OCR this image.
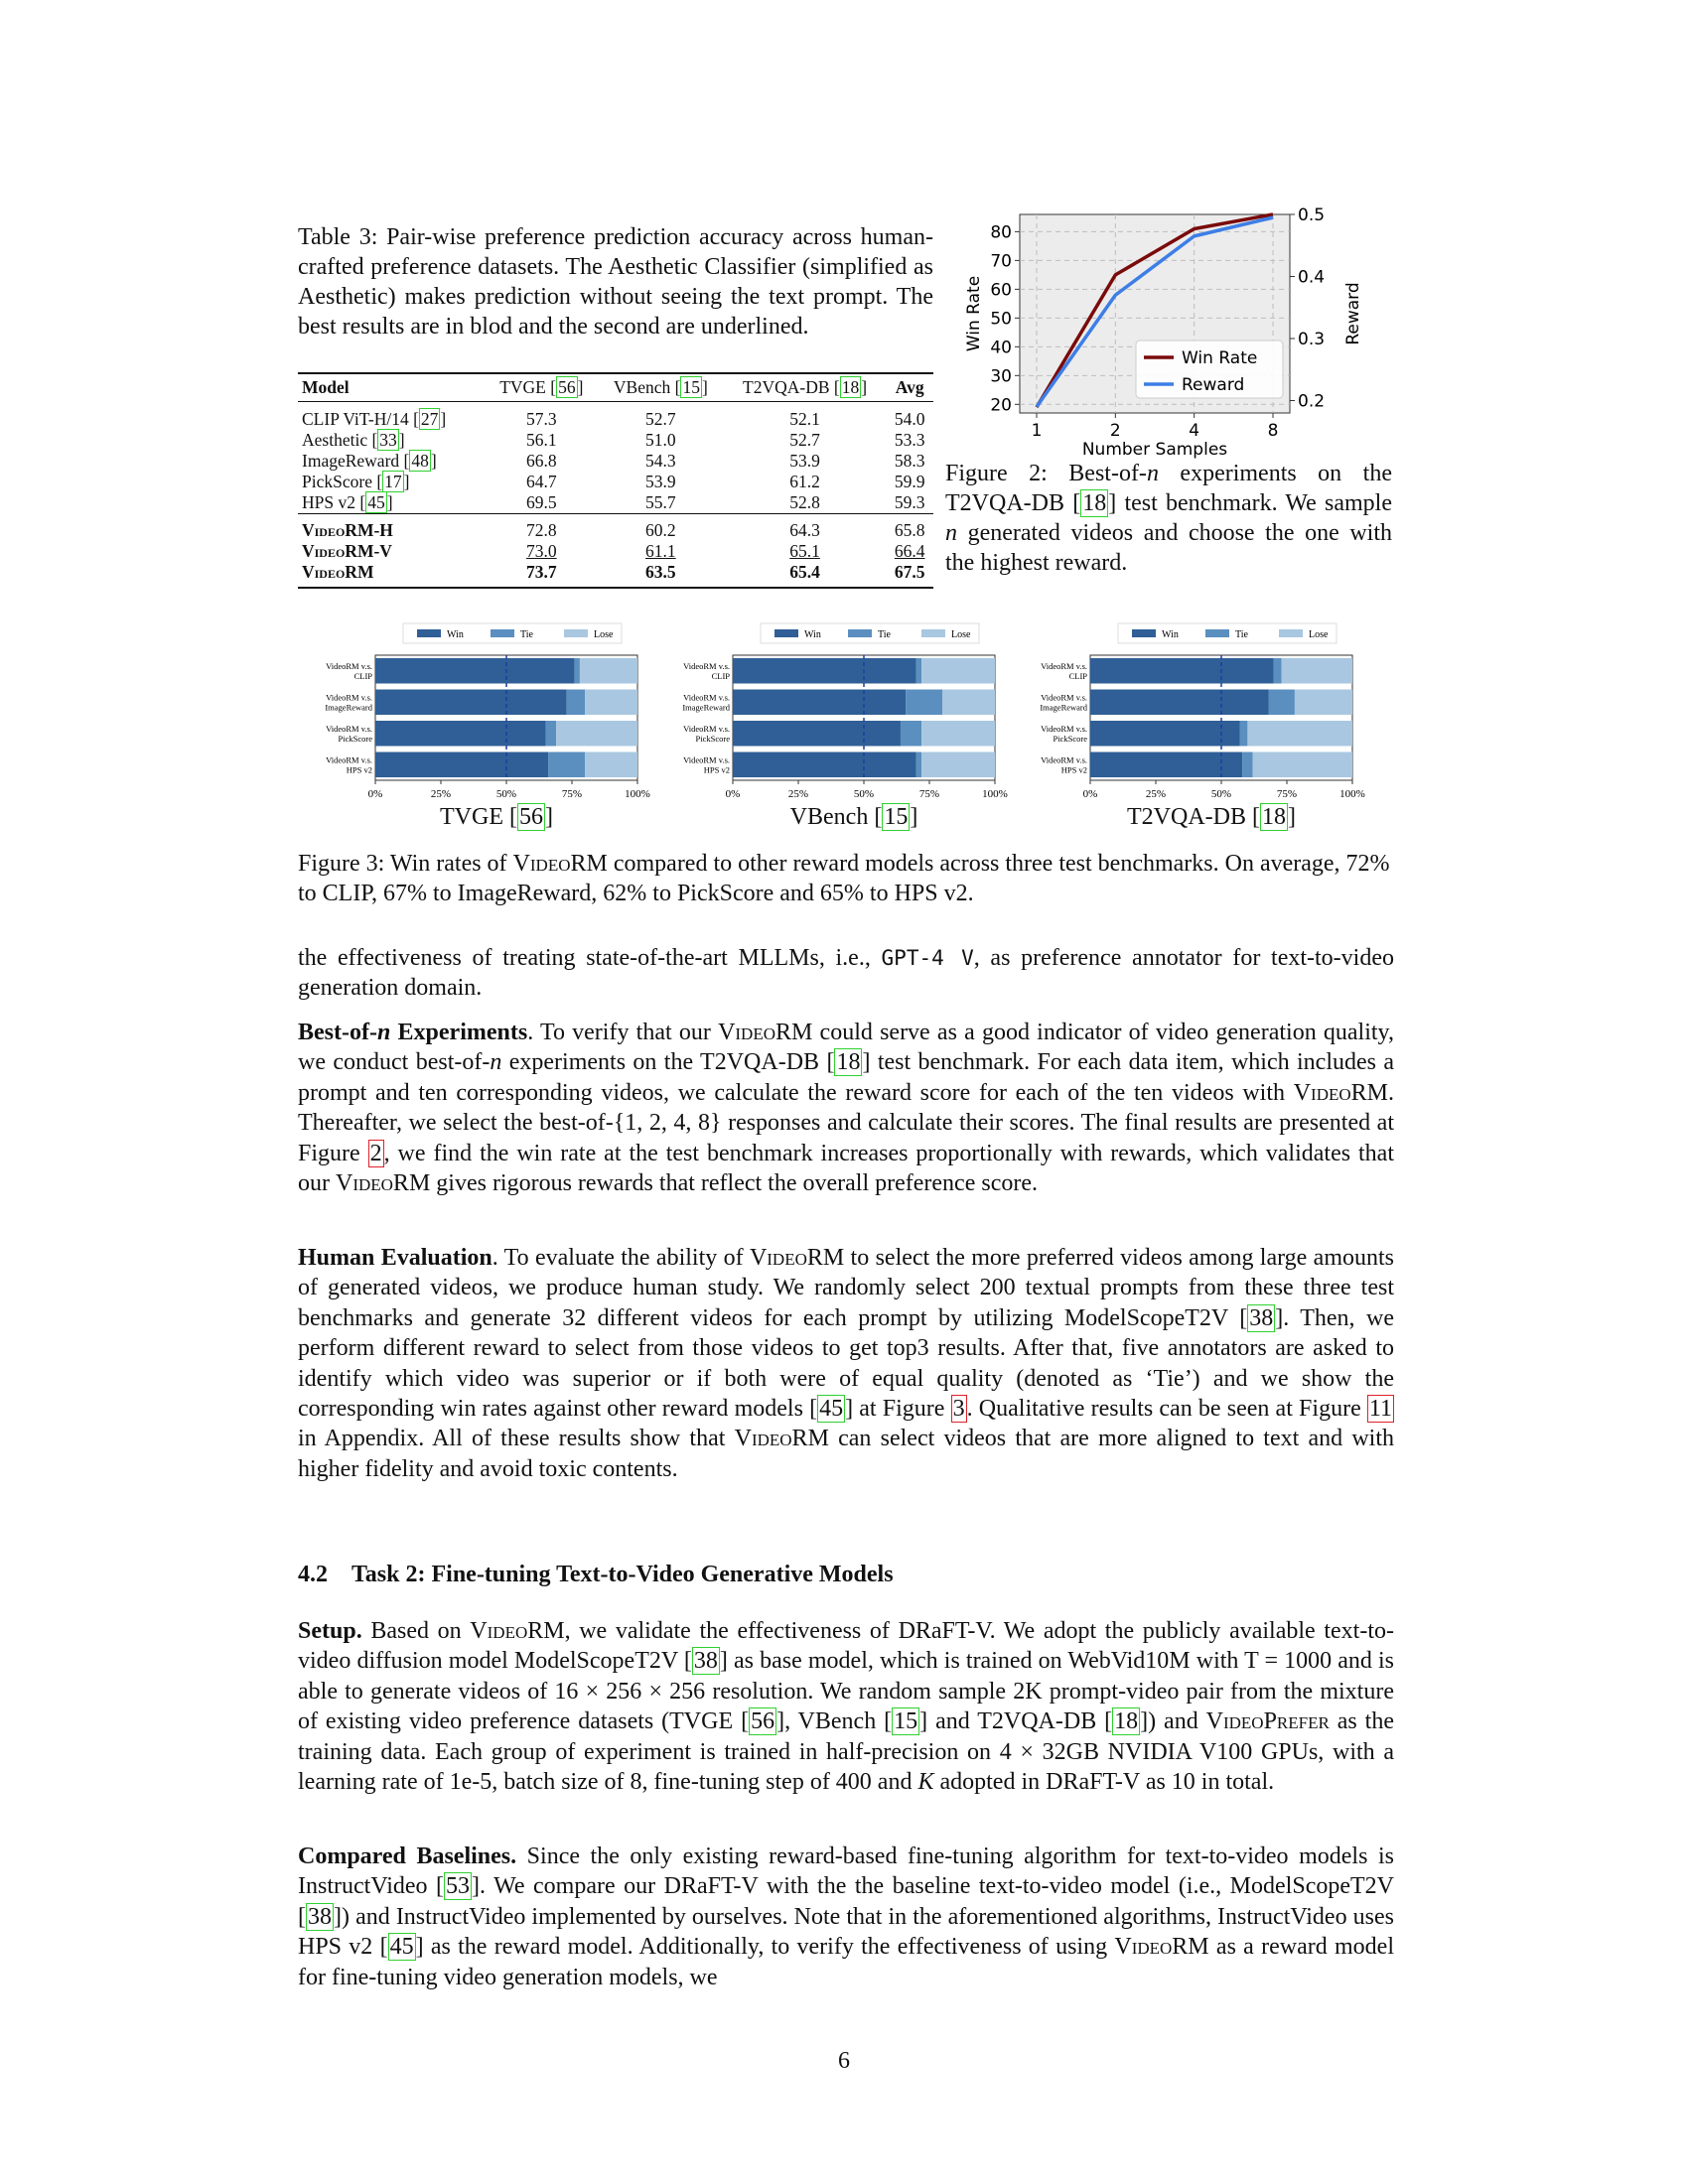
Table 3: Pair-wise preference prediction accuracy across human-crafted preference datasets. The Aesthetic Classifier (simplified as Aesthetic) makes prediction without seeing the text prompt. The best results are in blod and the second are underlined.
Model	TVGE [ 56 ]	VBench [ 15 ]	T2VQA-DB [ 18 ]	Avg
CLIP ViT-H/14 [ 27 ]	57.3	52.7	52.1	54.0
Aesthetic [ 33 ]	56.1	51.0	52.7	53.3
ImageReward [ 48 ]	66.8	54.3	53.9	58.3
PickScore [ 17 ]	64.7	53.9	61.2	59.9
HPS v2 [ 45 ]	69.5	55.7	52.8	59.3
VideoRM-H	72.8	60.2	64.3	65.8
VideoRM-V	73.0	61.1	65.1	66.4
VideoRM	73.7	63.5	65.4	67.5
20
30
40
50
60
70
80
0.2
0.3
0.4
0.5
1	2	4	8
Number Samples
Win Rate	Reward
Win Rate
Reward
Figure 2: Best-of-n experiments on the T2VQA-DB [18] test benchmark. We sample n generated videos and choose the one with the highest reward.
Win	Tie	Lose
VideoRM v.s.
CLIP
VideoRM v.s.
ImageReward
VideoRM v.s.
PickScore
VideoRM v.s.
HPS v2
0%	25%	50%	75%	100%
Win	Tie	Lose
VideoRM v.s.
CLIP
VideoRM v.s.
ImageReward
VideoRM v.s.
PickScore
VideoRM v.s.
HPS v2
0%	25%	50%	75%	100%
Win	Tie	Lose
VideoRM v.s.
CLIP
VideoRM v.s.
ImageReward
VideoRM v.s.
PickScore
VideoRM v.s.
HPS v2
0%	25%	50%	75%	100%
TVGE [56]	VBench [15]	T2VQA-DB [18]
Figure 3: Win rates of VideoRM compared to other reward models across three test benchmarks. On average, 72% to CLIP, 67% to ImageReward, 62% to PickScore and 65% to HPS v2.

the effectiveness of treating state-of-the-art MLLMs, i.e., GPT-4 V, as preference annotator for text-to-video generation domain.

Best-of-n Experiments. To verify that our VideoRM could serve as a good indicator of video generation quality, we conduct best-of-n experiments on the T2VQA-DB [18] test benchmark. For each data item, which includes a prompt and ten corresponding videos, we calculate the reward score for each of the ten videos with VideoRM. Thereafter, we select the best-of-{1, 2, 4, 8} responses and calculate their scores. The final results are presented at Figure 2, we find the win rate at the test benchmark increases proportionally with rewards, which validates that our VideoRM gives rigorous rewards that reflect the overall preference score.

Human Evaluation. To evaluate the ability of VideoRM to select the more preferred videos among large amounts of generated videos, we produce human study. We randomly select 200 textual prompts from these three test benchmarks and generate 32 different videos for each prompt by utilizing ModelScopeT2V [38]. Then, we perform different reward to select from those videos to get top3 results. After that, five annotators are asked to identify which video was superior or if both were of equal quality (denoted as ‘Tie’) and we show the corresponding win rates against other reward models [45] at Figure 3. Qualitative results can be seen at Figure 11 in Appendix. All of these results show that VideoRM can select videos that are more aligned to text and with higher fidelity and avoid toxic contents.

4.2    Task 2: Fine-tuning Text-to-Video Generative Models

Setup. Based on VideoRM, we validate the effectiveness of DRaFT-V. We adopt the publicly available text-to-video diffusion model ModelScopeT2V [38] as base model, which is trained on WebVid10M with T = 1000 and is able to generate videos of 16 × 256 × 256 resolution. We random sample 2K prompt-video pair from the mixture of existing video preference datasets (TVGE [56], VBench [15] and T2VQA-DB [18]) and VideoPrefer as the training data. Each group of experiment is trained in half-precision on 4 × 32GB NVIDIA V100 GPUs, with a learning rate of 1e-5, batch size of 8, fine-tuning step of 400 and K adopted in DRaFT-V as 10 in total.

Compared Baselines. Since the only existing reward-based fine-tuning algorithm for text-to-video models is InstructVideo [53]. We compare our DRaFT-V with the the baseline text-to-video model (i.e., ModelScopeT2V [38]) and InstructVideo implemented by ourselves. Note that in the aforementioned algorithms, InstructVideo uses HPS v2 [45] as the reward model. Additionally, to verify the effectiveness of using VideoRM as a reward model for fine-tuning video generation models, we

6
